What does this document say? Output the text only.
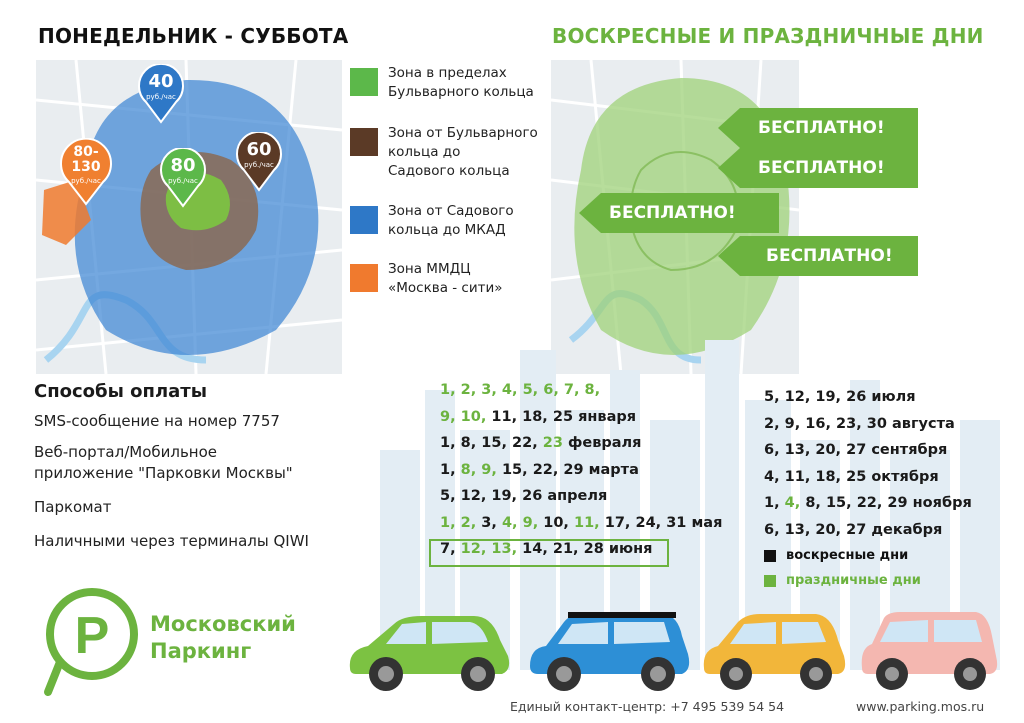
ПОНЕДЕЛЬНИК - СУББОТА	ВОСКРЕСНЫЕ И ПРАЗДНИЧНЫЕ ДНИ
40
руб./час
60
руб./час
80
руб./час
80-
130
руб./час
Зона в пределах
Бульварного кольца
Зона от Бульварного
кольца до
Садового кольца
Зона от Садового
кольца до МКАД
Зона ММДЦ
«Москва - сити»
БЕСПЛАТНО!
БЕСПЛАТНО!
БЕСПЛАТНО!
БЕСПЛАТНО!
Способы оплаты
SMS-сообщение на номер 7757
Веб-портал/Мобильное
приложение "Парковки Москвы"
Паркомат
Наличными через терминалы QIWI
1, 2, 3, 4, 5, 6, 7, 8,
9, 10, 11, 18, 25 января
1, 8, 15, 22, 23 февраля
1, 8, 9, 15, 22, 29 марта
5, 12, 19, 26 апреля
1, 2, 3, 4, 9, 10, 11, 17, 24, 31 мая
7, 12, 13, 14, 21, 28 июня
5, 12, 19, 26 июля
2, 9, 16, 23, 30 августа
6, 13, 20, 27 сентября
4, 11, 18, 25 октября
1, 4, 8, 15, 22, 29 ноября
6, 13, 20, 27 декабря
воскресные дни
праздничные дни
P Московский
Паркинг
Единый контакт-центр: +7 495 539 54 54	www.parking.mos.ru
